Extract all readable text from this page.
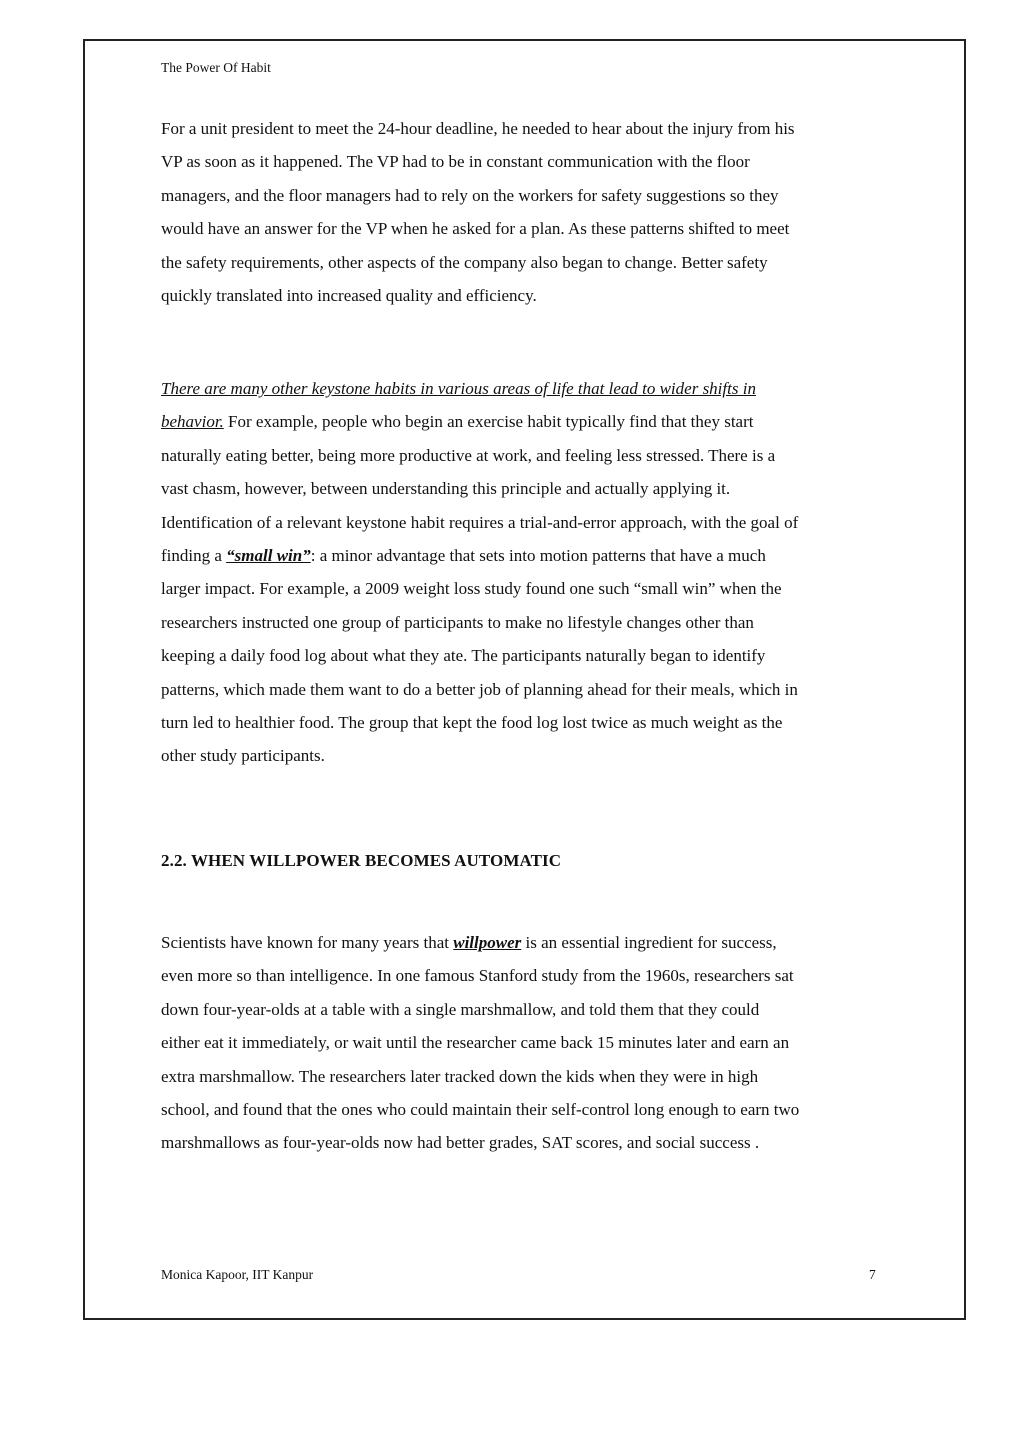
The Power Of Habit

For a unit president to meet the 24-hour deadline, he needed to hear about the injury from his
VP as soon as it happened. The VP had to be in constant communication with the floor
managers, and the floor managers had to rely on the workers for safety suggestions so they
would have an answer for the VP when he asked for a plan. As these patterns shifted to meet
the safety requirements, other aspects of the company also began to change. Better safety
quickly translated into increased quality and efficiency.

There are many other keystone habits in various areas of life that lead to wider shifts in
behavior. For example, people who begin an exercise habit typically find that they start
naturally eating better, being more productive at work, and feeling less stressed. There is a
vast chasm, however, between understanding this principle and actually applying it.
Identification of a relevant keystone habit requires a trial-and-error approach, with the goal of
finding a “small win”: a minor advantage that sets into motion patterns that have a much
larger impact. For example, a 2009 weight loss study found one such “small win” when the
researchers instructed one group of participants to make no lifestyle changes other than
keeping a daily food log about what they ate. The participants naturally began to identify
patterns, which made them want to do a better job of planning ahead for their meals, which in
turn led to healthier food. The group that kept the food log lost twice as much weight as the
other study participants.

2.2. WHEN WILLPOWER BECOMES AUTOMATIC

Scientists have known for many years that willpower is an essential ingredient for success,
even more so than intelligence. In one famous Stanford study from the 1960s, researchers sat
down four-year-olds at a table with a single marshmallow, and told them that they could
either eat it immediately, or wait until the researcher came back 15 minutes later and earn an
extra marshmallow. The researchers later tracked down the kids when they were in high
school, and found that the ones who could maintain their self-control long enough to earn two
marshmallows as four-year-olds now had better grades, SAT scores, and social success .

Monica Kapoor, IIT Kanpur	7
